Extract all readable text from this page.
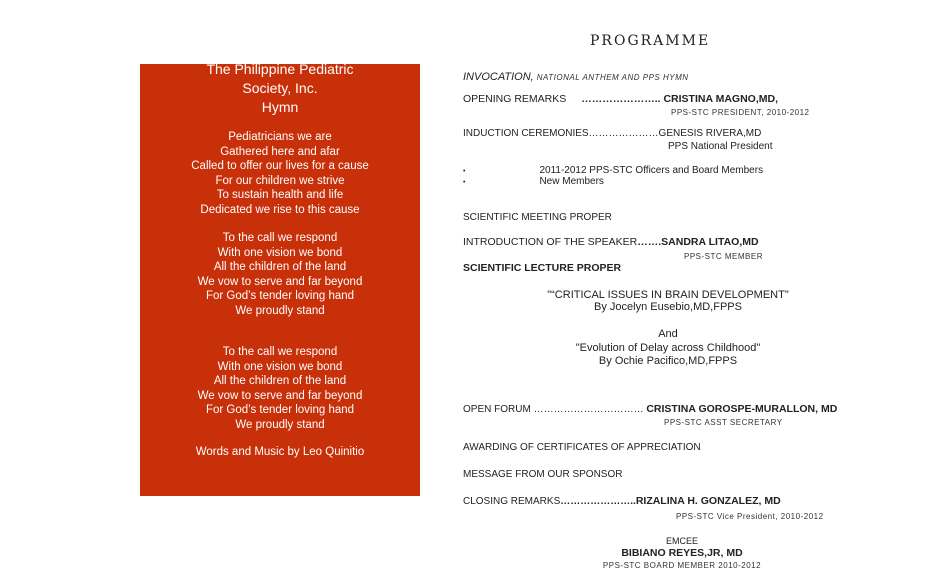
The Philippine Pediatric
Society, Inc.
Hymn
Pediatricians we are
Gathered here and afar
Called to offer our lives for a cause
For our children we strive
To sustain health and life
Dedicated we rise to this cause
To the call we respond
With one vision we bond
All the children of the land
We vow to serve and far beyond
For God’s tender loving hand
We proudly stand
To the call we respond
With one vision we bond
All the children of the land
We vow to serve and far beyond
For God’s tender loving hand
We proudly stand
Words and Music by Leo Quinitio
PROGRAMME
INVOCATION, NATIONAL ANTHEM AND PPS HYMN
OPENING REMARKS ………………….. CRISTINA MAGNO,MD,
PPS-STC PRESIDENT, 2010-2012
INDUCTION CEREMONIES…………………GENESIS RIVERA,MD
PPS National President
•	2011-2012 PPS-STC Officers and Board Members
•	New Members
SCIENTIFIC MEETING PROPER
INTRODUCTION OF THE SPEAKER…….SANDRA LITAO,MD
PPS-STC MEMBER
SCIENTIFIC LECTURE PROPER
"“CRITICAL ISSUES IN BRAIN DEVELOPMENT"
By Jocelyn Eusebio,MD,FPPS
And
"Evolution of Delay across Childhood"
By Ochie Pacifico,MD,FPPS
OPEN FORUM …………………………… CRISTINA GOROSPE-MURALLON, MD
PPS-STC ASST SECRETARY
AWARDING OF CERTIFICATES OF APPRECIATION
MESSAGE FROM OUR SPONSOR
CLOSING REMARKS…………………..RIZALINA H. GONZALEZ, MD
PPS-STC Vice President, 2010-2012
EMCEE
BIBIANO REYES,JR, MD
PPS-STC BOARD MEMBER 2010-2012
